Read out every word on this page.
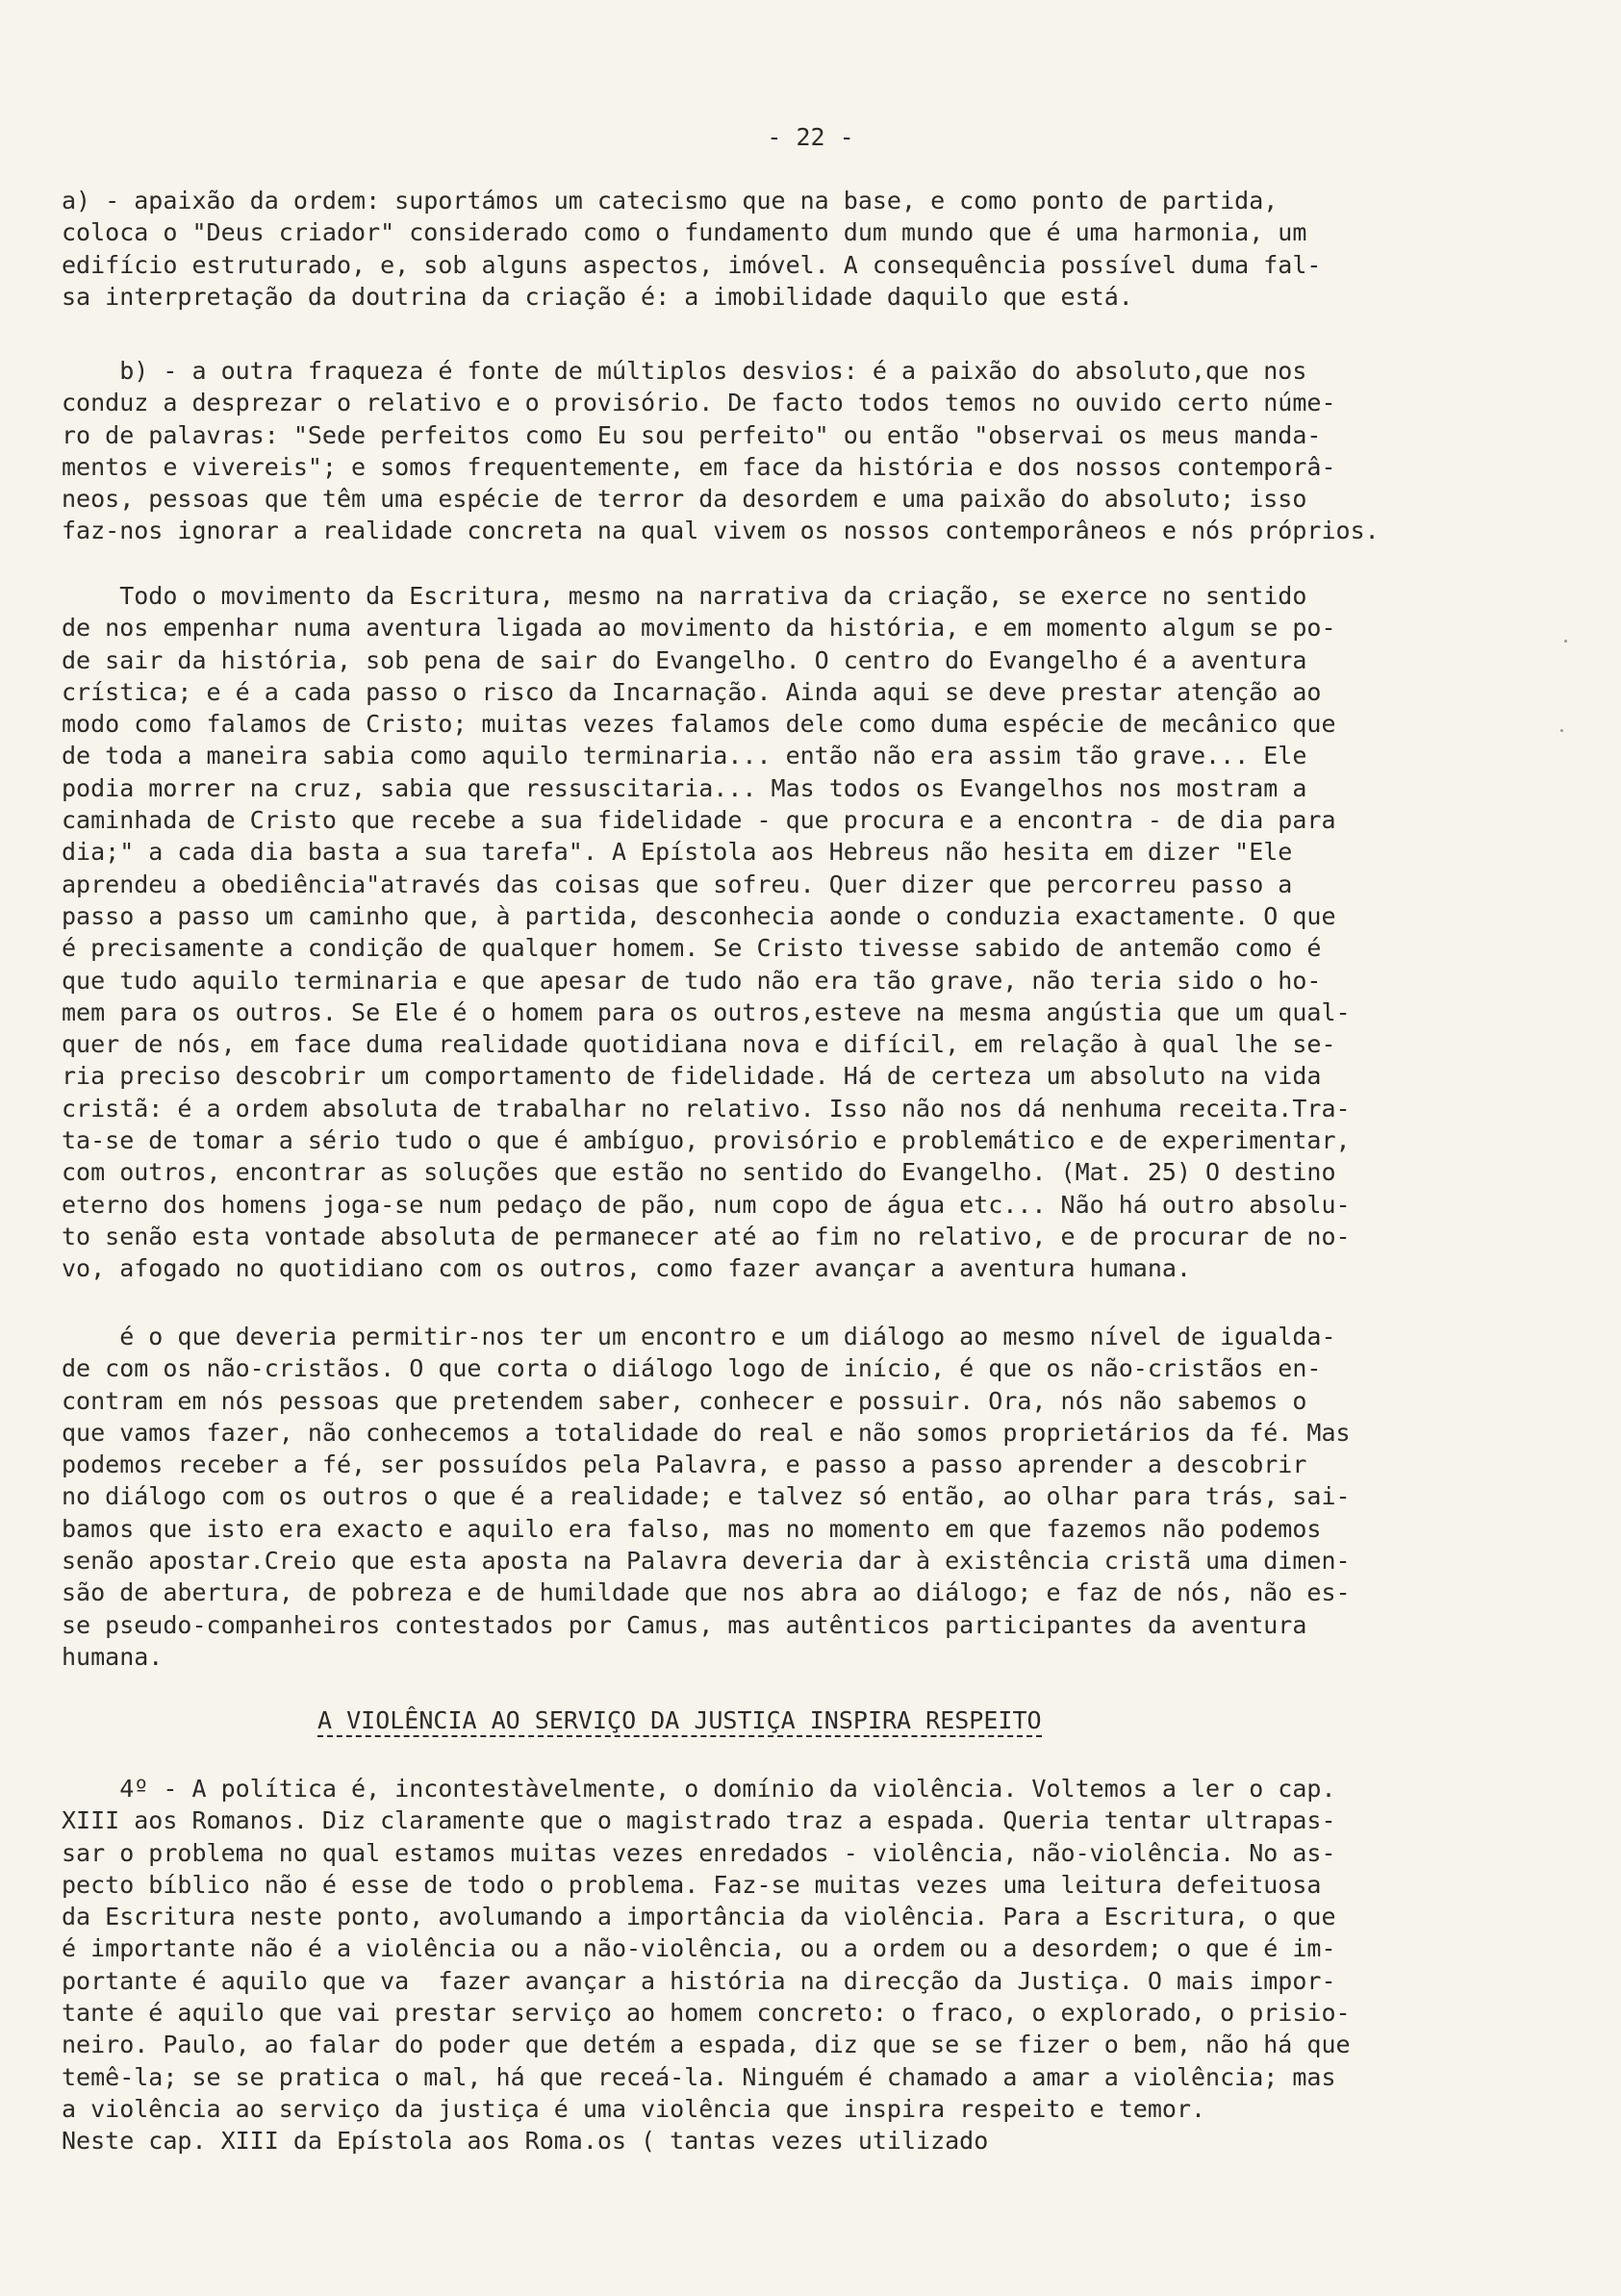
- 22 -
a) - apaixão da ordem: suportámos um catecismo que na base, e como ponto de partida,
coloca o "Deus criador" considerado como o fundamento dum mundo que é uma harmonia, um
edifício estruturado, e, sob alguns aspectos, imóvel. A consequência possível duma fal-
sa interpretação da doutrina da criação é: a imobilidade daquilo que está.
b) - a outra fraqueza é fonte de múltiplos desvios: é a paixão do absoluto,que nos
conduz a desprezar o relativo e o provisório. De facto todos temos no ouvido certo núme-
ro de palavras: "Sede perfeitos como Eu sou perfeito" ou então "observai os meus manda-
mentos e vivereis"; e somos frequentemente, em face da história e dos nossos contemporâ-
neos, pessoas que têm uma espécie de terror da desordem e uma paixão do absoluto; isso
faz-nos ignorar a realidade concreta na qual vivem os nossos contemporâneos e nós próprios.
Todo o movimento da Escritura, mesmo na narrativa da criação, se exerce no sentido
de nos empenhar numa aventura ligada ao movimento da história, e em momento algum se po-
de sair da história, sob pena de sair do Evangelho. O centro do Evangelho é a aventura
crística; e é a cada passo o risco da Incarnação. Ainda aqui se deve prestar atenção ao
modo como falamos de Cristo; muitas vezes falamos dele como duma espécie de mecânico que
de toda a maneira sabia como aquilo terminaria... então não era assim tão grave... Ele
podia morrer na cruz, sabia que ressuscitaria... Mas todos os Evangelhos nos mostram a
caminhada de Cristo que recebe a sua fidelidade - que procura e a encontra - de dia para
dia;" a cada dia basta a sua tarefa". A Epístola aos Hebreus não hesita em dizer "Ele
aprendeu a obediência"através das coisas que sofreu. Quer dizer que percorreu passo a
passo a passo um caminho que, à partida, desconhecia aonde o conduzia exactamente. O que
é precisamente a condição de qualquer homem. Se Cristo tivesse sabido de antemão como é
que tudo aquilo terminaria e que apesar de tudo não era tão grave, não teria sido o ho-
mem para os outros. Se Ele é o homem para os outros,esteve na mesma angústia que um qual-
quer de nós, em face duma realidade quotidiana nova e difícil, em relação à qual lhe se-
ria preciso descobrir um comportamento de fidelidade. Há de certeza um absoluto na vida
cristã: é a ordem absoluta de trabalhar no relativo. Isso não nos dá nenhuma receita.Tra-
ta-se de tomar a sério tudo o que é ambíguo, provisório e problemático e de experimentar,
com outros, encontrar as soluções que estão no sentido do Evangelho. (Mat. 25) O destino
eterno dos homens joga-se num pedaço de pão, num copo de água etc... Não há outro absolu-
to senão esta vontade absoluta de permanecer até ao fim no relativo, e de procurar de no-
vo, afogado no quotidiano com os outros, como fazer avançar a aventura humana.
é o que deveria permitir-nos ter um encontro e um diálogo ao mesmo nível de igualda-
de com os não-cristãos. O que corta o diálogo logo de início, é que os não-cristãos en-
contram em nós pessoas que pretendem saber, conhecer e possuir. Ora, nós não sabemos o
que vamos fazer, não conhecemos a totalidade do real e não somos proprietários da fé. Mas
podemos receber a fé, ser possuídos pela Palavra, e passo a passo aprender a descobrir
no diálogo com os outros o que é a realidade; e talvez só então, ao olhar para trás, sai-
bamos que isto era exacto e aquilo era falso, mas no momento em que fazemos não podemos
senão apostar.Creio que esta aposta na Palavra deveria dar à existência cristã uma dimen-
são de abertura, de pobreza e de humildade que nos abra ao diálogo; e faz de nós, não es-
se pseudo-companheiros contestados por Camus, mas autênticos participantes da aventura
humana.
A VIOLÊNCIA AO SERVIÇO DA JUSTIÇA INSPIRA RESPEITO
4º - A política é, incontestàvelmente, o domínio da violência. Voltemos a ler o cap.
XIII aos Romanos. Diz claramente que o magistrado traz a espada. Queria tentar ultrapas-
sar o problema no qual estamos muitas vezes enredados - violência, não-violência. No as-
pecto bíblico não é esse de todo o problema. Faz-se muitas vezes uma leitura defeituosa
da Escritura neste ponto, avolumando a importância da violência. Para a Escritura, o que
é importante não é a violência ou a não-violência, ou a ordem ou a desordem; o que é im-
portante é aquilo que va  fazer avançar a história na direcção da Justiça. O mais impor-
tante é aquilo que vai prestar serviço ao homem concreto: o fraco, o explorado, o prisio-
neiro. Paulo, ao falar do poder que detém a espada, diz que se se fizer o bem, não há que
temê-la; se se pratica o mal, há que receá-la. Ninguém é chamado a amar a violência; mas
a violência ao serviço da justiça é uma violência que inspira respeito e temor.
Neste cap. XIII da Epístola aos Roma.os ( tantas vezes utilizado
